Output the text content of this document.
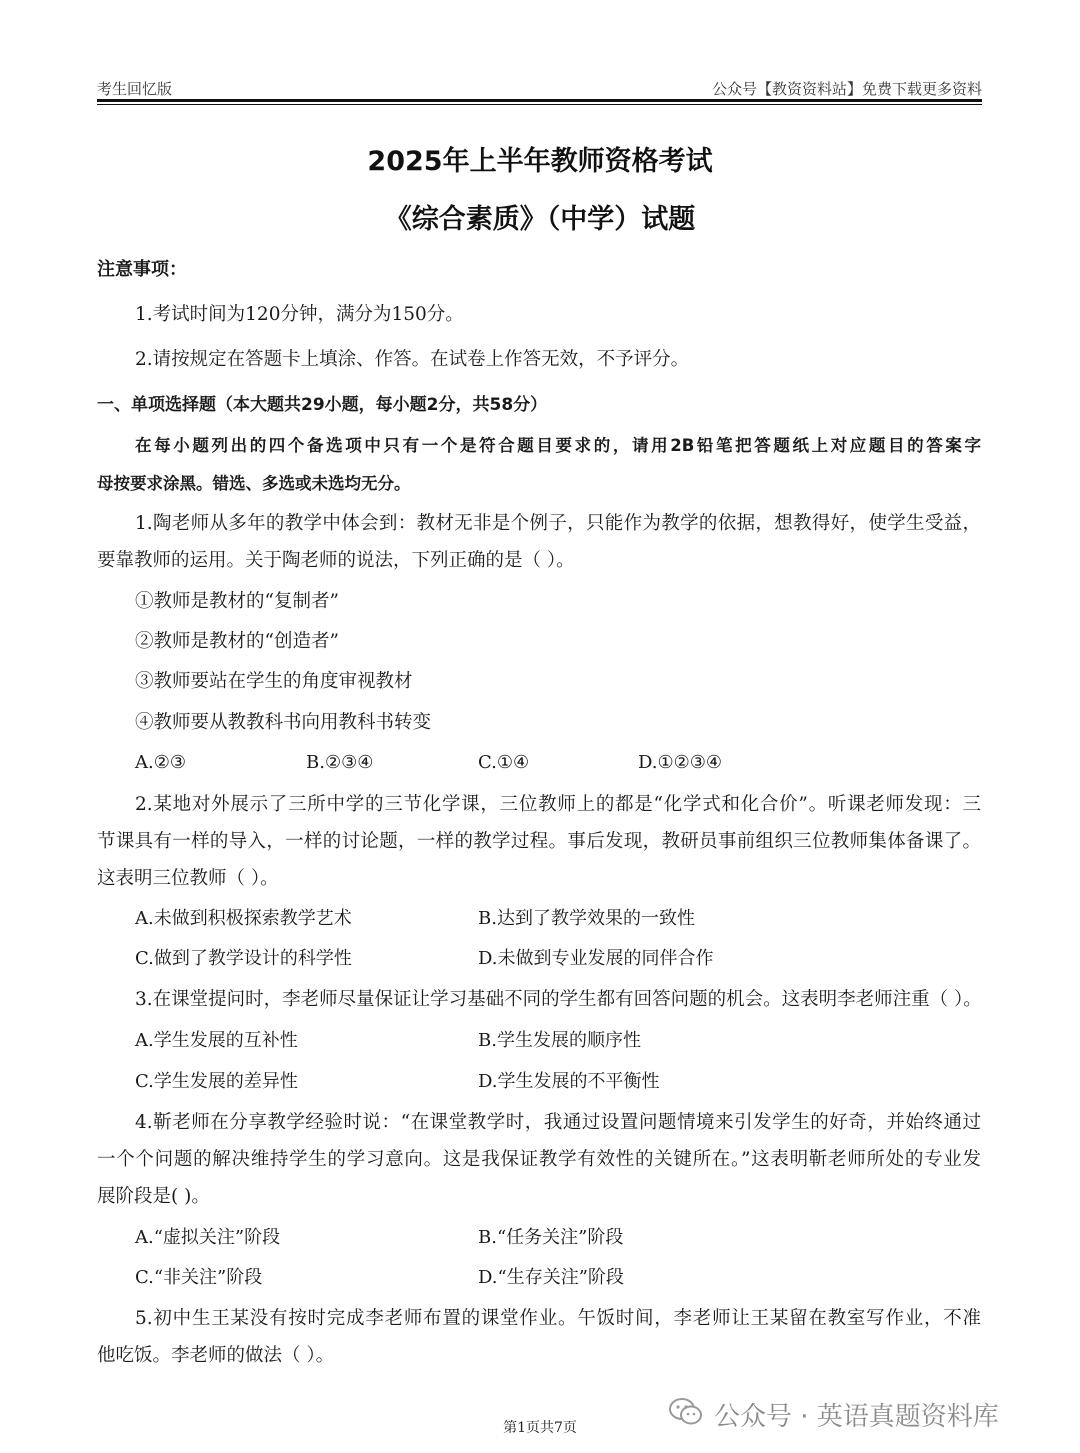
考生回忆版	公众号【教资资料站】免费下载更多资料
2025年上半年教师资格考试
《综合素质》（中学）试题
注意事项：
1.考试时间为120分钟，满分为150分。
2.请按规定在答题卡上填涂、作答。在试卷上作答无效，不予评分。
一、单项选择题（本大题共29小题，每小题2分，共58分）
在每小题列出的四个备选项中只有一个是符合题目要求的，请用2B铅笔把答题纸上对应题目的答案字
母按要求涂黑。错选、多选或未选均无分。
1.陶老师从多年的教学中体会到：教材无非是个例子，只能作为教学的依据，想教得好，使学生受益，
要靠教师的运用。关于陶老师的说法，下列正确的是（ ）。
①教师是教材的“复制者”
②教师是教材的“创造者”
③教师要站在学生的角度审视教材
④教师要从教教科书向用教科书转变
A.②③	B.②③④	C.①④	D.①②③④
2.某地对外展示了三所中学的三节化学课，三位教师上的都是“化学式和化合价”。听课老师发现：三
节课具有一样的导入，一样的讨论题，一样的教学过程。事后发现，教研员事前组织三位教师集体备课了。
这表明三位教师（ ）。
A.未做到积极探索教学艺术	B.达到了教学效果的一致性
C.做到了教学设计的科学性	D.未做到专业发展的同伴合作
3.在课堂提问时，李老师尽量保证让学习基础不同的学生都有回答问题的机会。这表明李老师注重（ ）。
A.学生发展的互补性	B.学生发展的顺序性
C.学生发展的差异性	D.学生发展的不平衡性
4.靳老师在分享教学经验时说：“在课堂教学时，我通过设置问题情境来引发学生的好奇，并始终通过
一个个问题的解决维持学生的学习意向。这是我保证教学有效性的关键所在。”这表明靳老师所处的专业发
展阶段是( )。
A.“虚拟关注”阶段	B.“任务关注”阶段
C.“非关注”阶段	D.“生存关注”阶段
5.初中生王某没有按时完成李老师布置的课堂作业。午饭时间，李老师让王某留在教室写作业，不准
他吃饭。李老师的做法（ ）。
第1页共7页	公众号 · 英语真题资料库
